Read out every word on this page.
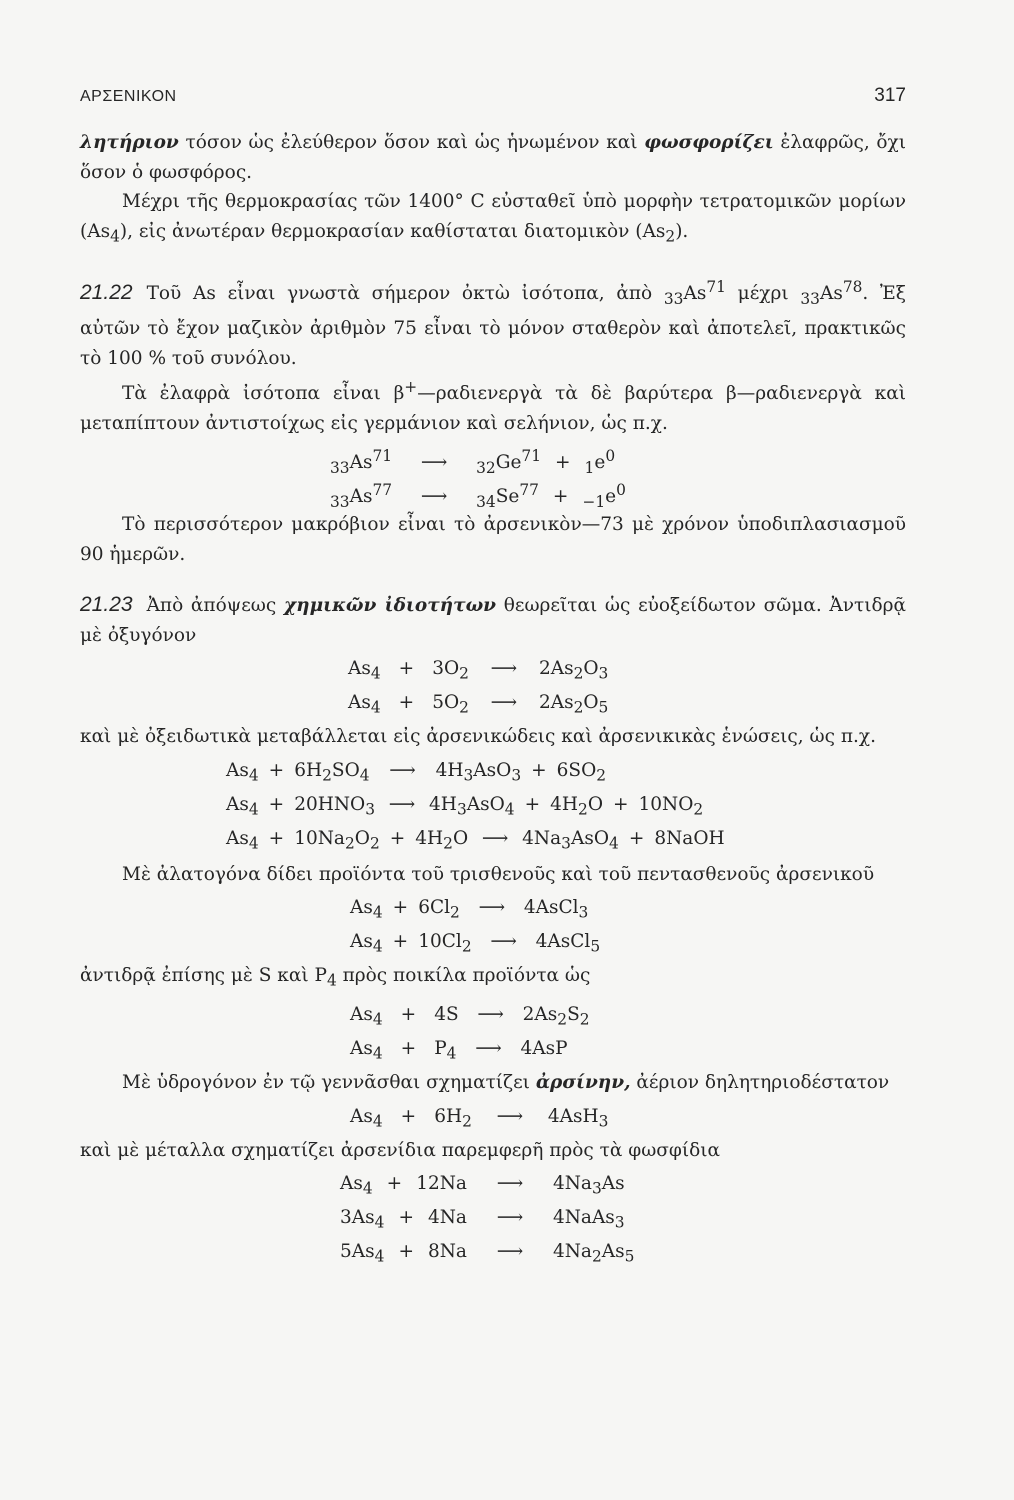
ΑΡΣΕΝΙΚΟΝ	317

λητήριον τόσον ὡς ἐλεύθερον ὅσον καὶ ὡς ἡνωμένον καὶ φωσφορίζει ἐλαφρῶς, ὄχι ὅσον ὁ φωσφόρος.

Μέχρι τῆς θερμοκρασίας τῶν 1400° C εὐσταθεῖ ὑπὸ μορφὴν τετρατομικῶν μορίων $(As_4)$, εἰς ἀνωτέραν θερμοκρασίαν καθίσταται διατομικὸν $(As_2)$.

21.22 Τοῦ As εἶναι γνωστὰ σήμερον ὀκτὼ ἰσότοπα, ἀπὸ $_{33}As^{71}$ μέχρι $_{33}As^{78}$. Ἐξ αὐτῶν τὸ ἔχον μαζικὸν ἀριθμὸν 75 εἶναι τὸ μόνον σταθερὸν καὶ ἀποτελεῖ, πρακτικῶς τὸ 100 % τοῦ συνόλου.

Τὰ ἐλαφρὰ ἰσότοπα εἶναι β+—ραδιενεργὰ τὰ δὲ βαρύτερα β—ραδιενεργὰ καὶ μεταπίπτουν ἀντιστοίχως εἰς γερμάνιον καὶ σελήνιον, ὡς π.χ.

$_{33}As^{71}$
⟶
$_{32}Ge^{71} + _1e^0$
$_{33}As^{77}$
⟶
$_{34}Se^{77} + _{-1}e^0$

Τὸ περισσότερον μακρόβιον εἶναι τὸ ἀρσενικὸν—73 μὲ χρόνον ὑποδιπλασιασμοῦ 90 ἡμερῶν.

21.23 Ἀπὸ ἀπόψεως χημικῶν ἰδιοτήτων θεωρεῖται ὡς εὐοξείδωτον σῶμα. Ἀντιδρᾷ μὲ ὀξυγόνον

$As_4 + 3O_2$ ⟶	$2As_2O_3$
$As_4 + 5O_2$ ⟶	$2As_2O_5$

καὶ μὲ ὀξειδωτικὰ μεταβάλλεται εἰς ἀρσενικώδεις καὶ ἀρσενικικὰς ἑνώσεις, ὡς π.χ.

$As_4 + 6H_2SO_4$ ⟶	$4H_3AsO_3 + 6SO_2$
$As_4 + 20HNO_3$ ⟶	$4H_3AsO_4 + 4H_2O + 10NO_2$
$As_4 + 10Na_2O_2 + 4H_2O$ ⟶	$4Na_3AsO_4$ + 8NaOH

Μὲ ἀλατογόνα δίδει προϊόντα τοῦ τρισθενοῦς καὶ τοῦ πεντασθενοῦς ἀρσενικοῦ

$As_4 + 6Cl_2$ ⟶	4AsCl$_3$
$As_4 + 10Cl_2$ ⟶	4AsCl$_5$

ἀντιδρᾷ ἐπίσης μὲ S καὶ $P_4$ πρὸς ποικίλα προϊόντα ὡς

$As_4 + 4S$ ⟶	$2As_2S_2$
$As_4 + P_4$ ⟶	4AsP

Μὲ ὑδρογόνον ἐν τῷ γεννᾶσθαι σχηματίζει ἀρσίνην, ἀέριον δηλητηριοδέστατον

$As_4 + 6H_2$ ⟶	4AsH$_3$

καὶ μὲ μέταλλα σχηματίζει ἀρσενίδια παρεμφερῆ πρὸς τὰ φωσφίδια

$As_4 + 12Na$ ⟶	$4Na_3As$
$3As_4 + 4Na$ ⟶	4NaAs$_3$
$5As_4 + 8Na$ ⟶	$4Na_2As_5$
